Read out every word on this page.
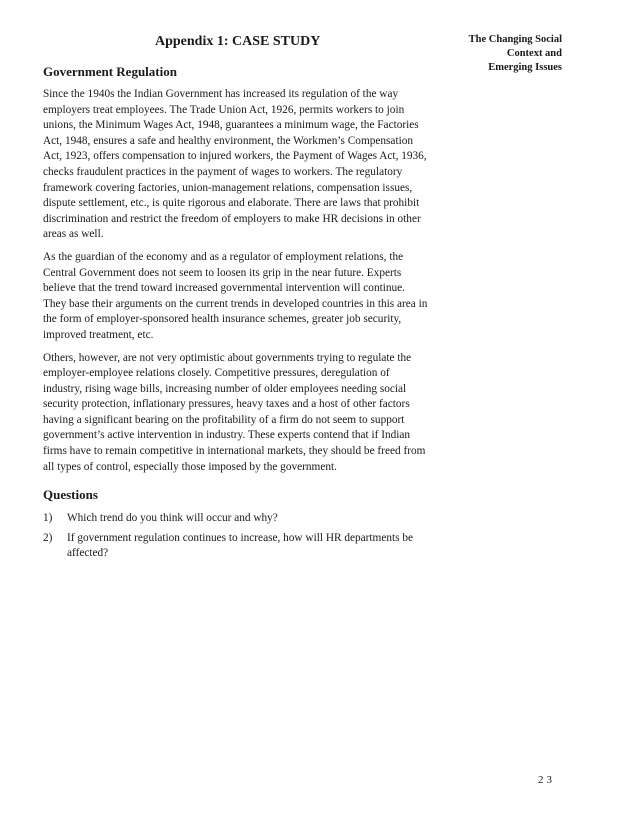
The Changing Social
Context and
Emerging Issues
Appendix 1: CASE STUDY
Government Regulation

Since the 1940s the Indian Government has increased its regulation of the way employers treat employees. The Trade Union Act, 1926, permits workers to join unions, the Minimum Wages Act, 1948, guarantees a minimum wage, the Factories Act, 1948, ensures a safe and healthy environment, the Workmen’s Compensation Act, 1923, offers compensation to injured workers, the Payment of Wages Act, 1936, checks fraudulent practices in the payment of wages to workers. The regulatory framework covering factories, union-management relations, compensation issues, dispute settlement, etc., is quite rigorous and elaborate. There are laws that prohibit discrimination and restrict the freedom of employers to make HR decisions in other areas as well.

As the guardian of the economy and as a regulator of employment relations, the Central Government does not seem to loosen its grip in the near future. Experts believe that the trend toward increased governmental intervention will continue. They base their arguments on the current trends in developed countries in this area in the form of employer-sponsored health insurance schemes, greater job security, improved treatment, etc.

Others, however, are not very optimistic about governments trying to regulate the employer-employee relations closely. Competitive pressures, deregulation of industry, rising wage bills, increasing number of older employees needing social security protection, inflationary pressures, heavy taxes and a host of other factors having a significant bearing on the profitability of a firm do not seem to support government’s active intervention in industry. These experts contend that if Indian firms have to remain competitive in international markets, they should be freed from all types of control, especially those imposed by the government.

Questions
1)	Which trend do you think will occur and why?
2)	If government regulation continues to increase, how will HR departments be affected?
23
